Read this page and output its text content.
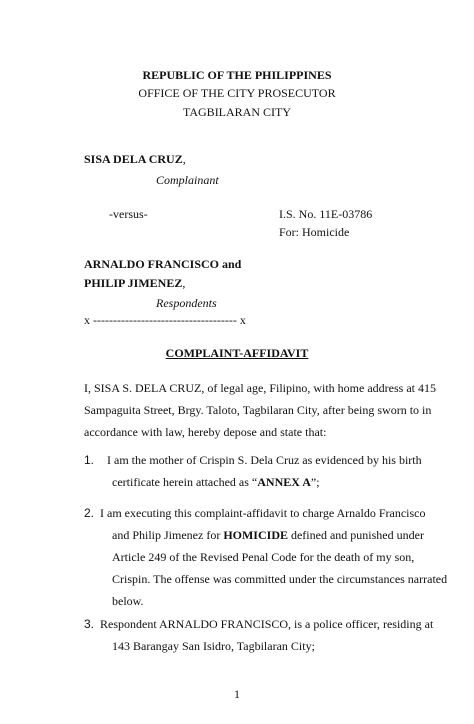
REPUBLIC OF THE PHILIPPINES
OFFICE OF THE CITY PROSECUTOR
TAGBILARAN CITY
SISA DELA CRUZ,
Complainant
-versus-	I.S. No. 11E-03786
For: Homicide
ARNALDO FRANCISCO and
PHILIP JIMENEZ,
Respondents
x ------------------------------------ x
COMPLAINT-AFFIDAVIT
I, SISA S. DELA CRUZ, of legal age, Filipino, with home address at 415
Sampaguita Street, Brgy. Taloto, Tagbilaran City, after being sworn to in
accordance with law, hereby depose and state that:
1. I am the mother of Crispin S. Dela Cruz as evidenced by his birth
certificate herein attached as “ANNEX A”;
2. I am executing this complaint-affidavit to charge Arnaldo Francisco
and Philip Jimenez for HOMICIDE defined and punished under
Article 249 of the Revised Penal Code for the death of my son,
Crispin. The offense was committed under the circumstances narrated
below.
3. Respondent ARNALDO FRANCISCO, is a police officer, residing at
143 Barangay San Isidro, Tagbilaran City;
1
